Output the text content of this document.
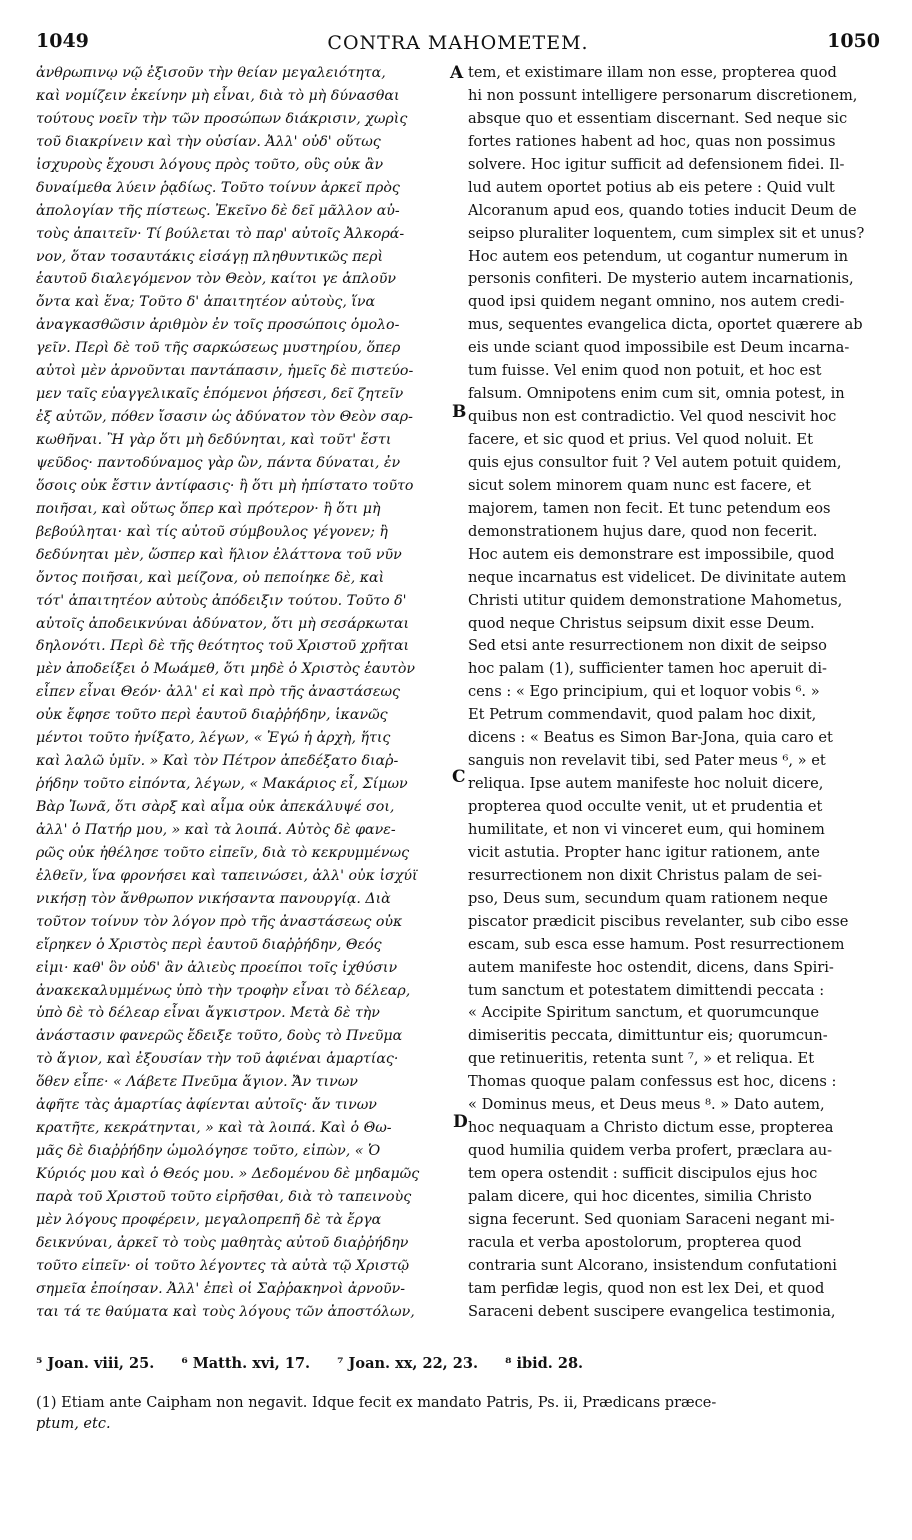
1049	CONTRA MAHOMETEM.	1050
ἀνθρωπινῳ νῷ ἐξισοῦν τὴν θείαν μεγαλειότητα,
καὶ νομίζειν ἐκείνην μὴ εἶναι, διὰ τὸ μὴ δύνασθαι
τούτους νοεῖν τὴν τῶν προσώπων διάκρισιν, χωρὶς
τοῦ διακρίνειν καὶ τὴν οὐσίαν. Ἀλλ' οὐδ' οὕτως
ἰσχυροὺς ἔχουσι λόγους πρὸς τοῦτο, οὓς οὐκ ἂν
δυναίμεθα λύειν ῥᾳδίως. Τοῦτο τοίνυν ἀρκεῖ πρὸς
ἀπολογίαν τῆς πίστεως. Ἐκεῖνο δὲ δεῖ μᾶλλον αὐ-
τοὺς ἀπαιτεῖν· Τί βούλεται τὸ παρ' αὐτοῖς Ἀλκορά-
νον, ὅταν τοσαυτάκις εἰσάγῃ πληθυντικῶς περὶ
ἑαυτοῦ διαλεγόμενον τὸν Θεὸν, καίτοι γε ἁπλοῦν
ὄντα καὶ ἕνα; Τοῦτο δ' ἀπαιτητέον αὐτοὺς, ἵνα
ἀναγκασθῶσιν ἀριθμὸν ἐν τοῖς προσώποις ὁμολο-
γεῖν. Περὶ δὲ τοῦ τῆς σαρκώσεως μυστηρίου, ὅπερ
αὐτοὶ μὲν ἀρνοῦνται παντάπασιν, ἡμεῖς δὲ πιστεύο-
μεν ταῖς εὐαγγελικαῖς ἑπόμενοι ῥήσεσι, δεῖ ζητεῖν
ἐξ αὐτῶν, πόθεν ἴσασιν ὡς ἀδύνατον τὸν Θεὸν σαρ-
κωθῆναι. Ἢ γὰρ ὅτι μὴ δεδύνηται, καὶ τοῦτ' ἔστι
ψεῦδος· παντοδύναμος γὰρ ὢν, πάντα δύναται, ἐν
ὅσοις οὐκ ἔστιν ἀντίφασις· ἢ ὅτι μὴ ἠπίστατο τοῦτο
ποιῆσαι, καὶ οὕτως ὅπερ καὶ πρότερον· ἢ ὅτι μὴ
βεβούληται· καὶ τίς αὐτοῦ σύμβουλος γέγονεν; ἢ
δεδύνηται μὲν, ὥσπερ καὶ ἥλιον ἐλάττονα τοῦ νῦν
ὄντος ποιῆσαι, καὶ μείζονα, οὐ πεποίηκε δὲ, καὶ
τότ' ἀπαιτητέον αὐτοὺς ἀπόδειξιν τούτου. Τοῦτο δ'
αὐτοῖς ἀποδεικνύναι ἀδύνατον, ὅτι μὴ σεσάρκωται
δηλονότι. Περὶ δὲ τῆς θεότητος τοῦ Χριστοῦ χρῆται
μὲν ἀποδείξει ὁ Μωάμεθ, ὅτι μηδὲ ὁ Χριστὸς ἑαυτὸν
εἶπεν εἶναι Θεόν· ἀλλ' εἰ καὶ πρὸ τῆς ἀναστάσεως
οὐκ ἔφησε τοῦτο περὶ ἑαυτοῦ διαῤῥήδην, ἱκανῶς
μέντοι τοῦτο ἠνίξατο, λέγων, « Ἐγώ ἡ ἀρχὴ, ἥτις
καὶ λαλῶ ὑμῖν. » Καὶ τὸν Πέτρον ἀπεδέξατο διαῤ-
ῥήδην τοῦτο εἰπόντα, λέγων, « Μακάριος εἶ, Σίμων
Βὰρ Ἰωνᾶ, ὅτι σὰρξ καὶ αἷμα οὐκ ἀπεκάλυψέ σοι,
ἀλλ' ὁ Πατήρ μου, » καὶ τὰ λοιπά. Αὐτὸς δὲ φανε-
ρῶς οὐκ ἠθέλησε τοῦτο εἰπεῖν, διὰ τὸ κεκρυμμένως
ἐλθεῖν, ἵνα φρονήσει καὶ ταπεινώσει, ἀλλ' οὐκ ἰσχύϊ
νικήσῃ τὸν ἄνθρωπον νικήσαντα πανουργίᾳ. Διὰ
τοῦτον τοίνυν τὸν λόγον πρὸ τῆς ἀναστάσεως οὐκ
εἴρηκεν ὁ Χριστὸς περὶ ἑαυτοῦ διαῤῥήδην, Θεός
εἰμι· καθ' ὃν οὐδ' ἂν ἁλιεὺς προείποι τοῖς ἰχθύσιν
ἀνακεκαλυμμένως ὑπὸ τὴν τροφὴν εἶναι τὸ δέλεαρ,
ὑπὸ δὲ τὸ δέλεαρ εἶναι ἄγκιστρον. Μετὰ δὲ τὴν
ἀνάστασιν φανερῶς ἔδειξε τοῦτο, δοὺς τὸ Πνεῦμα
τὸ ἅγιον, καὶ ἐξουσίαν τὴν τοῦ ἀφιέναι ἁμαρτίας·
ὅθεν εἶπε· « Λάβετε Πνεῦμα ἅγιον. Ἄν τινων
ἀφῆτε τὰς ἁμαρτίας ἀφίενται αὐτοῖς· ἄν τινων
κρατῆτε, κεκράτηνται, » καὶ τὰ λοιπά. Καὶ ὁ Θω-
μᾶς δὲ διαῤῥήδην ὡμολόγησε τοῦτο, εἰπὼν, « Ὁ
Κύριός μου καὶ ὁ Θεός μου. » Δεδομένου δὲ μηδαμῶς
παρὰ τοῦ Χριστοῦ τοῦτο εἰρῆσθαι, διὰ τὸ ταπεινοὺς
μὲν λόγους προφέρειν, μεγαλοπρεπῆ δὲ τὰ ἔργα
δεικνύναι, ἀρκεῖ τὸ τοὺς μαθητὰς αὐτοῦ διαῤῥήδην
τοῦτο εἰπεῖν· οἱ τοῦτο λέγοντες τὰ αὐτὰ τῷ Χριστῷ
σημεῖα ἐποίησαν. Ἀλλ' ἐπεὶ οἱ Σαῤῥακηνοὶ ἀρνοῦν-
ται τά τε θαύματα καὶ τοὺς λόγους τῶν ἀποστόλων,
tem, et existimare illam non esse, propterea quod
hi non possunt intelligere personarum discretionem,
absque quo et essentiam discernant. Sed neque sic
fortes rationes habent ad hoc, quas non possimus
solvere. Hoc igitur sufficit ad defensionem fidei. Il-
lud autem oportet potius ab eis petere : Quid vult
Alcoranum apud eos, quando toties inducit Deum de
seipso pluraliter loquentem, cum simplex sit et unus?
Hoc autem eos petendum, ut cogantur numerum in
personis confiteri. De mysterio autem incarnationis,
quod ipsi quidem negant omnino, nos autem credi-
mus, sequentes evangelica dicta, oportet quærere ab
eis unde sciant quod impossibile est Deum incarna-
tum fuisse. Vel enim quod non potuit, et hoc est
falsum. Omnipotens enim cum sit, omnia potest, in
quibus non est contradictio. Vel quod nescivit hoc
facere, et sic quod et prius. Vel quod noluit. Et
quis ejus consultor fuit ? Vel autem potuit quidem,
sicut solem minorem quam nunc est facere, et
majorem, tamen non fecit. Et tunc petendum eos
demonstrationem hujus dare, quod non fecerit.
Hoc autem eis demonstrare est impossibile, quod
neque incarnatus est videlicet. De divinitate autem
Christi utitur quidem demonstratione Mahometus,
quod neque Christus seipsum dixit esse Deum.
Sed etsi ante resurrectionem non dixit de seipso
hoc palam (1), sufficienter tamen hoc aperuit di-
cens : « Ego principium, qui et loquor vobis ⁶. »
Et Petrum commendavit, quod palam hoc dixit,
dicens : « Beatus es Simon Bar-Jona, quia caro et
sanguis non revelavit tibi, sed Pater meus ⁶, » et
reliqua. Ipse autem manifeste hoc noluit dicere,
propterea quod occulte venit, ut et prudentia et
humilitate, et non vi vinceret eum, qui hominem
vicit astutia. Propter hanc igitur rationem, ante
resurrectionem non dixit Christus palam de sei-
pso, Deus sum, secundum quam rationem neque
piscator prædicit piscibus revelanter, sub cibo esse
escam, sub esca esse hamum. Post resurrectionem
autem manifeste hoc ostendit, dicens, dans Spiri-
tum sanctum et potestatem dimittendi peccata :
« Accipite Spiritum sanctum, et quorumcunque
dimiseritis peccata, dimittuntur eis; quorumcun-
que retinueritis, retenta sunt ⁷, » et reliqua. Et
Thomas quoque palam confessus est hoc, dicens :
« Dominus meus, et Deus meus ⁸. » Dato autem,
hoc nequaquam a Christo dictum esse, propterea
quod humilia quidem verba profert, præclara au-
tem opera ostendit : sufficit discipulos ejus hoc
palam dicere, qui hoc dicentes, similia Christo
signa fecerunt. Sed quoniam Saraceni negant mi-
racula et verba apostolorum, propterea quod
contraria sunt Alcorano, insistendum confutationi
tam perfidæ legis, quod non est lex Dei, et quod
Saraceni debent suscipere evangelica testimonia,
A
B
C
D
⁵ Joan. viii, 25. ⁶ Matth. xvi, 17. ⁷ Joan. xx, 22, 23. ⁸ ibid. 28.
(1) Etiam ante Caipham non negavit. Idque fecit ex mandato Patris, Ps. ii, Prædicans præce-
ptum, etc.
